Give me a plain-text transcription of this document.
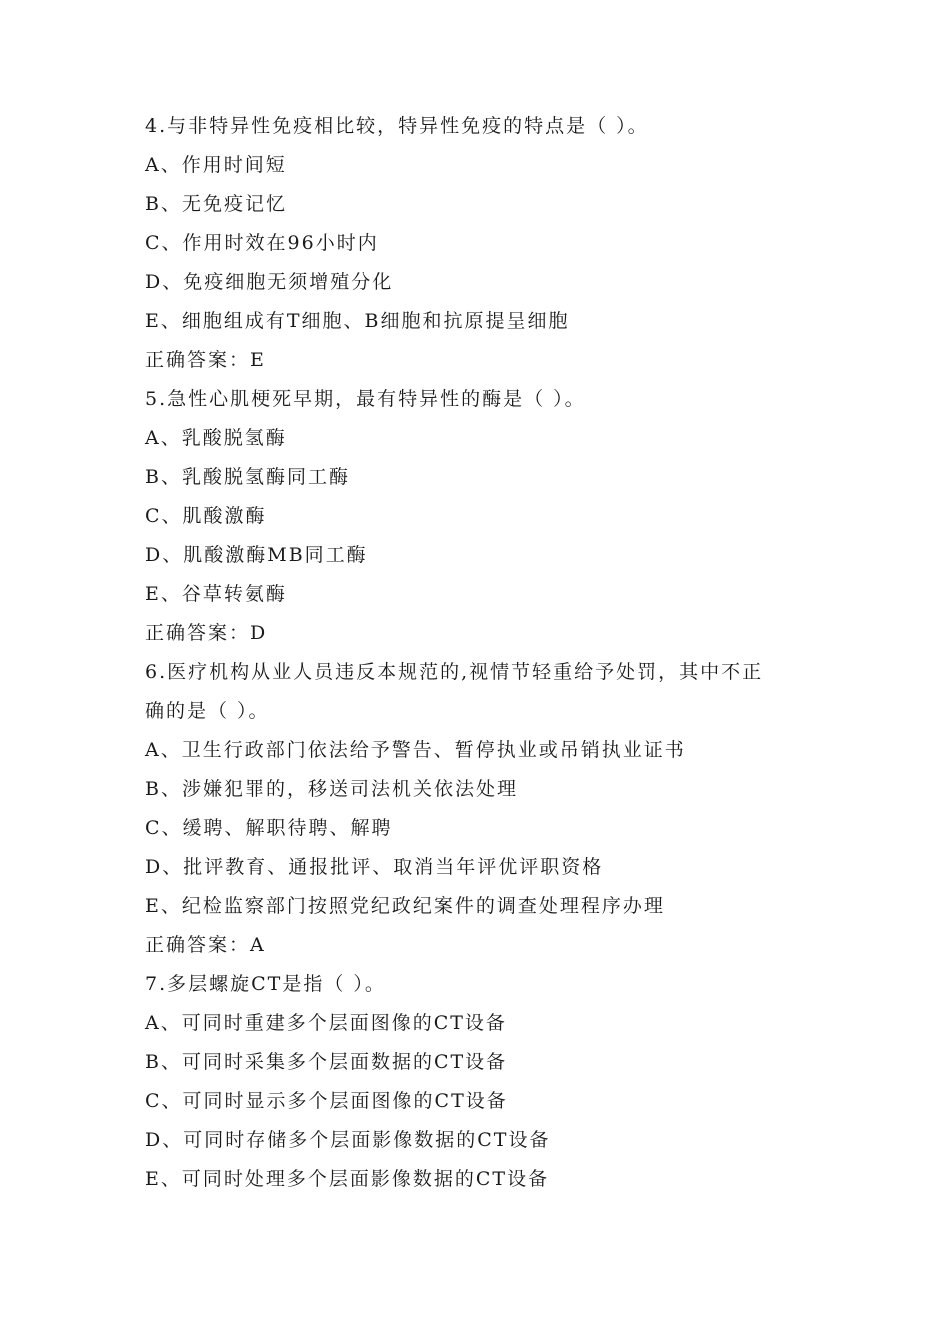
4.与非特异性免疫相比较，特异性免疫的特点是（ ）。
A、作用时间短
B、无免疫记忆
C、作用时效在96小时内
D、免疫细胞无须增殖分化
E、细胞组成有T细胞、B细胞和抗原提呈细胞
正确答案：E
5.急性心肌梗死早期，最有特异性的酶是（ ）。
A、乳酸脱氢酶
B、乳酸脱氢酶同工酶
C、肌酸激酶
D、肌酸激酶MB同工酶
E、谷草转氨酶
正确答案：D
6.医疗机构从业人员违反本规范的,视情节轻重给予处罚，其中不正
确的是（ ）。
A、卫生行政部门依法给予警告、暂停执业或吊销执业证书
B、涉嫌犯罪的，移送司法机关依法处理
C、缓聘、解职待聘、解聘
D、批评教育、通报批评、取消当年评优评职资格
E、纪检监察部门按照党纪政纪案件的调查处理程序办理
正确答案：A
7.多层螺旋CT是指（ ）。
A、可同时重建多个层面图像的CT设备
B、可同时采集多个层面数据的CT设备
C、可同时显示多个层面图像的CT设备
D、可同时存储多个层面影像数据的CT设备
E、可同时处理多个层面影像数据的CT设备
